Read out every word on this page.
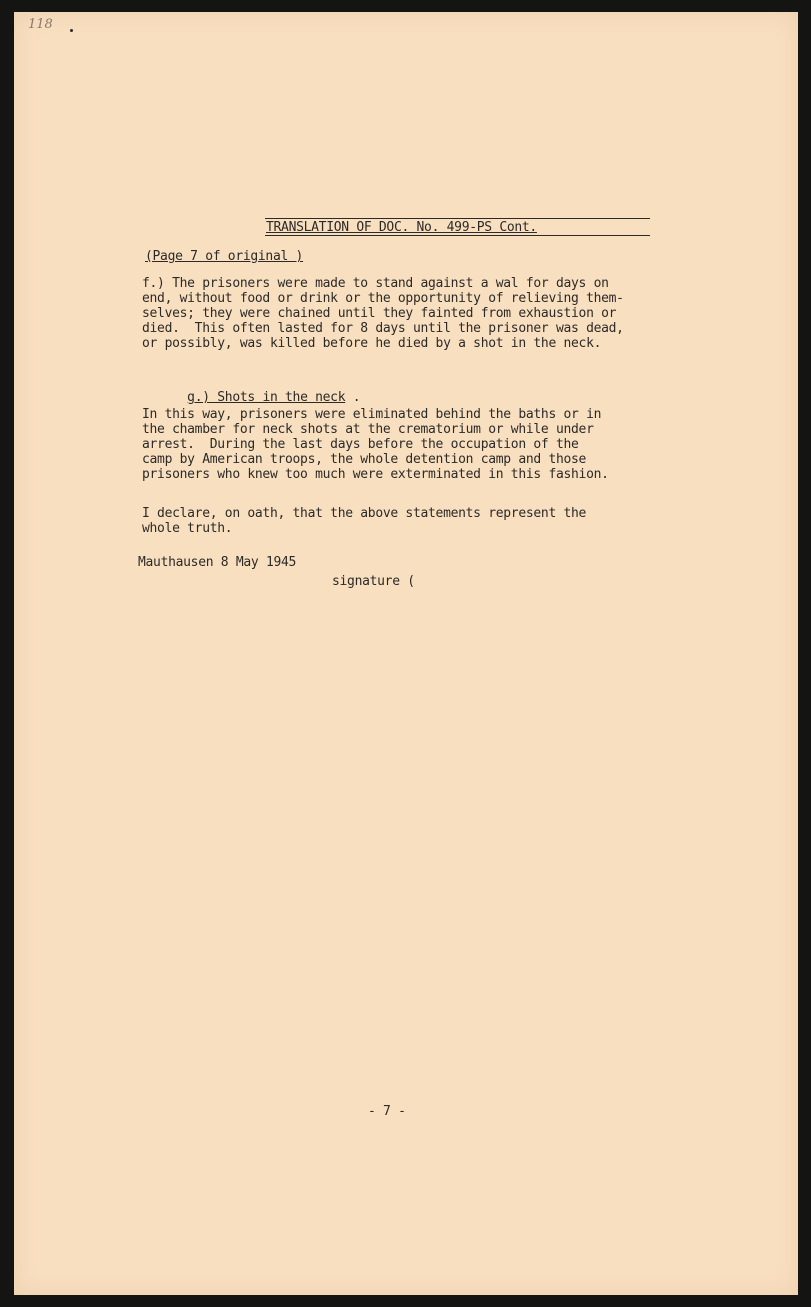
118
TRANSLATION OF DOC. No. 499-PS Cont.
(Page 7 of original )
f.) The prisoners were made to stand against a wal for days on
end, without food or drink or the opportunity of relieving them-
selves; they were chained until they fainted from exhaustion or
died.  This often lasted for 8 days until the prisoner was dead,
or possibly, was killed before he died by a shot in the neck.

g.) Shots in the neck .

In this way, prisoners were eliminated behind the baths or in
the chamber for neck shots at the crematorium or while under
arrest.  During the last days before the occupation of the
camp by American troops, the whole detention camp and those
prisoners who knew too much were exterminated in this fashion.
I declare, on oath, that the above statements represent the
whole truth.
Mauthausen 8 May 1945
signature (
- 7 -
